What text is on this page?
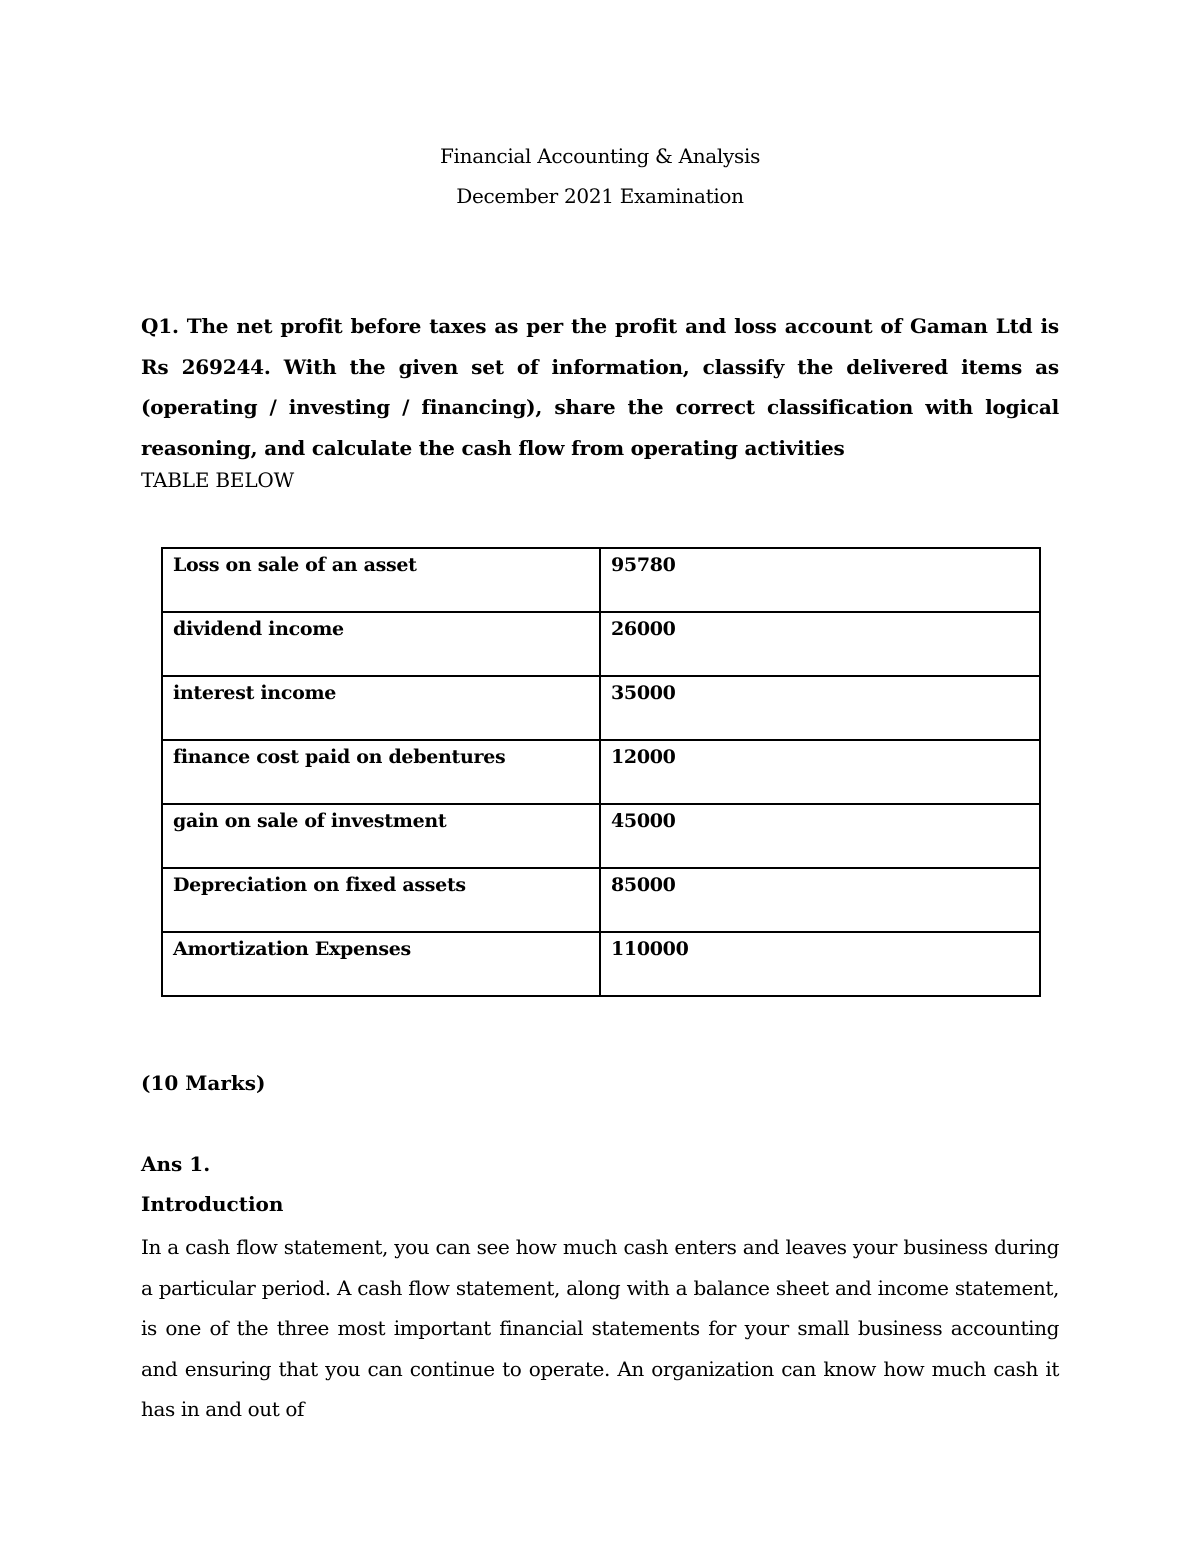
Financial Accounting & Analysis
December 2021 Examination
Q1. The net profit before taxes as per the profit and loss account of Gaman Ltd is Rs 269244. With the given set of information, classify the delivered items as (operating / investing / financing), share the correct classification with logical reasoning, and calculate the cash flow from operating activities
TABLE BELOW
Loss on sale of an asset	95780
dividend income	26000
interest income	35000
finance cost paid on debentures	12000
gain on sale of investment	45000
Depreciation on fixed assets	85000
Amortization Expenses	110000
(10 Marks)
Ans 1.
Introduction
In a cash flow statement, you can see how much cash enters and leaves your business during a particular period. A cash flow statement, along with a balance sheet and income statement, is one of the three most important financial statements for your small business accounting and ensuring that you can continue to operate. An organization can know how much cash it has in and out of
